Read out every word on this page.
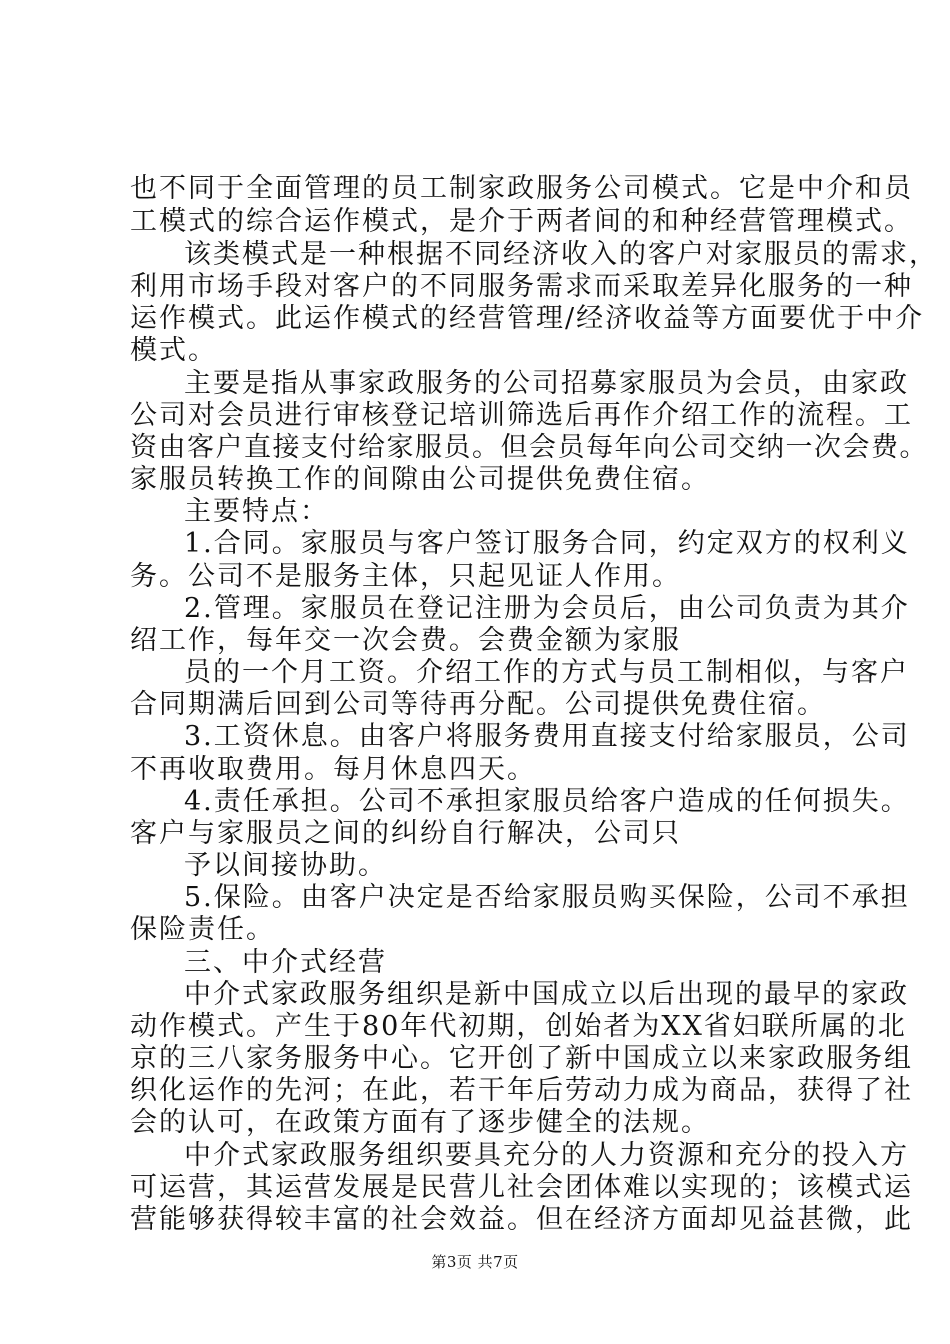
也不同于全面管理的员工制家政服务公司模式。它是中介和员
工模式的综合运作模式，是介于两者间的和种经营管理模式。
该类模式是一种根据不同经济收入的客户对家服员的需求，
利用市场手段对客户的不同服务需求而采取差异化服务的一种
运作模式。此运作模式的经营管理/经济收益等方面要优于中介
模式。
主要是指从事家政服务的公司招募家服员为会员，由家政
公司对会员进行审核登记培训筛选后再作介绍工作的流程。工
资由客户直接支付给家服员。但会员每年向公司交纳一次会费。
家服员转换工作的间隙由公司提供免费住宿。
主要特点：
1.合同。家服员与客户签订服务合同，约定双方的权利义
务。公司不是服务主体，只起见证人作用。
2.管理。家服员在登记注册为会员后，由公司负责为其介
绍工作，每年交一次会费。会费金额为家服
员的一个月工资。介绍工作的方式与员工制相似，与客户
合同期满后回到公司等待再分配。公司提供免费住宿。
3.工资休息。由客户将服务费用直接支付给家服员，公司
不再收取费用。每月休息四天。
4.责任承担。公司不承担家服员给客户造成的任何损失。
客户与家服员之间的纠纷自行解决，公司只
予以间接协助。
5.保险。由客户决定是否给家服员购买保险，公司不承担
保险责任。
三、中介式经营
中介式家政服务组织是新中国成立以后出现的最早的家政
动作模式。产生于80年代初期，创始者为XX省妇联所属的北
京的三八家务服务中心。它开创了新中国成立以来家政服务组
织化运作的先河；在此，若干年后劳动力成为商品，获得了社
会的认可，在政策方面有了逐步健全的法规。
中介式家政服务组织要具充分的人力资源和充分的投入方
可运营，其运营发展是民营儿社会团体难以实现的；该模式运
营能够获得较丰富的社会效益。但在经济方面却见益甚微，此
第3页 共7页
